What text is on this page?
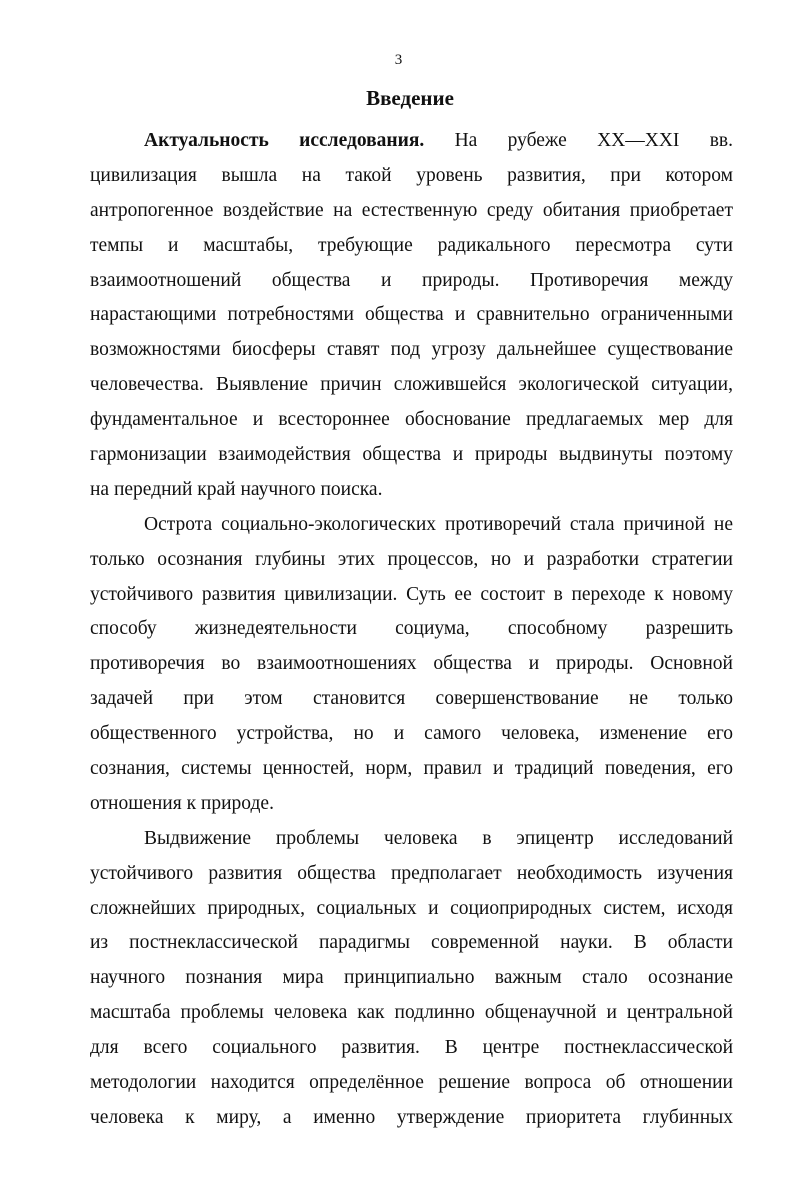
3
Введение
Актуальность исследования. На рубеже XX—XXI вв.
цивилизация вышла на такой уровень развития, при котором
антропогенное воздействие на естественную среду обитания приобретает
темпы и масштабы, требующие радикального пересмотра сути
взаимоотношений общества и природы. Противоречия между
нарастающими потребностями общества и сравнительно ограниченными
возможностями биосферы ставят под угрозу дальнейшее существование
человечества. Выявление причин сложившейся экологической ситуации,
фундаментальное и всестороннее обоснование предлагаемых мер для
гармонизации взаимодействия общества и природы выдвинуты поэтому
на передний край научного поиска.
Острота социально-экологических противоречий стала причиной не
только осознания глубины этих процессов, но и разработки стратегии
устойчивого развития цивилизации. Суть ее состоит в переходе к новому
способу жизнедеятельности социума, способному разрешить
противоречия во взаимоотношениях общества и природы. Основной
задачей при этом становится совершенствование не только
общественного устройства, но и самого человека, изменение его
сознания, системы ценностей, норм, правил и традиций поведения, его
отношения к природе.
Выдвижение проблемы человека в эпицентр исследований
устойчивого развития общества предполагает необходимость изучения
сложнейших природных, социальных и социоприродных систем, исходя
из постнеклассической парадигмы современной науки. В области
научного познания мира принципиально важным стало осознание
масштаба проблемы человека как подлинно общенаучной и центральной
для всего социального развития. В центре постнеклассической
методологии находится определённое решение вопроса об отношении
человека к миру, а именно утверждение приоритета глубинных
